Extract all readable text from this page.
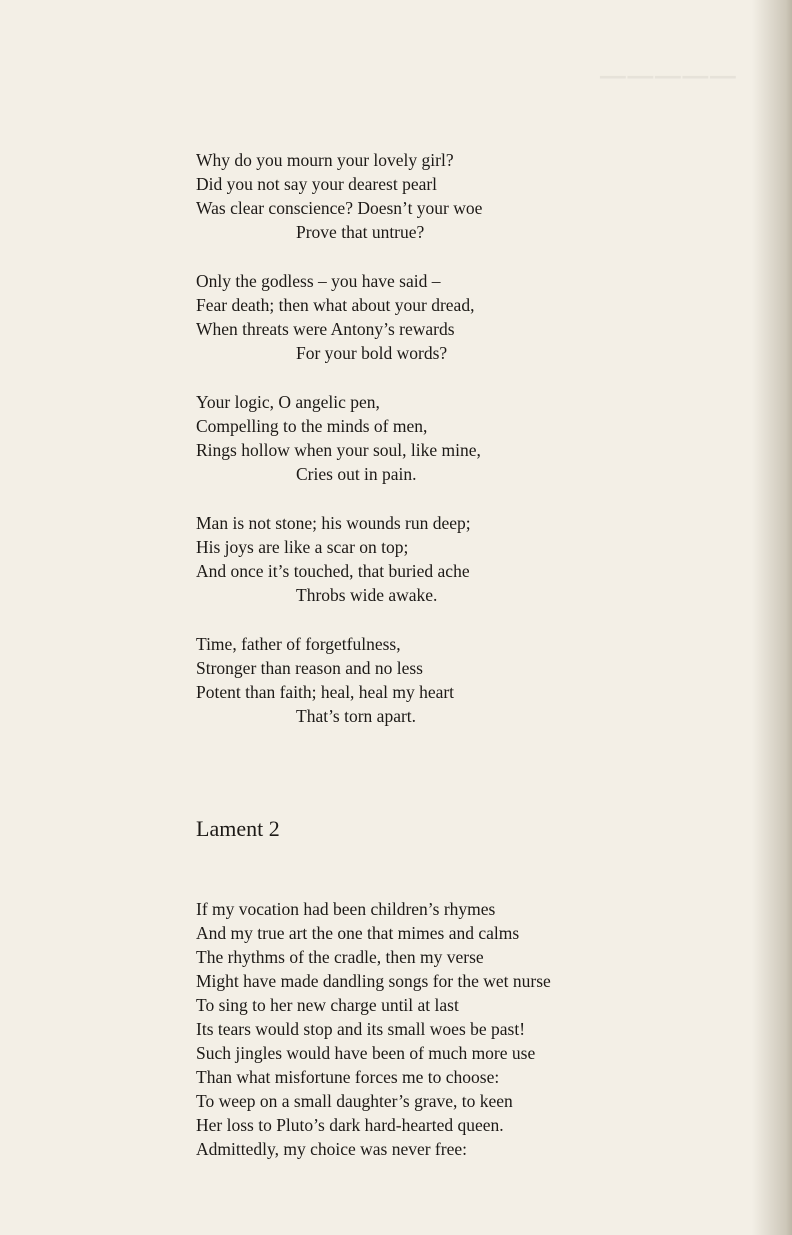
─────

Why do you mourn your lovely girl?

Did you not say your dearest pearl

Was clear conscience? Doesn’t your woe

Prove that untrue?

Only the godless – you have said –

Fear death; then what about your dread,

When threats were Antony’s rewards

For your bold words?

Your logic, O angelic pen,

Compelling to the minds of men,

Rings hollow when your soul, like mine,

Cries out in pain.

Man is not stone; his wounds run deep;

His joys are like a scar on top;

And once it’s touched, that buried ache

Throbs wide awake.

Time, father of forgetfulness,

Stronger than reason and no less

Potent than faith; heal, heal my heart

That’s torn apart.

Lament 2

If my vocation had been children’s rhymes

And my true art the one that mimes and calms

The rhythms of the cradle, then my verse

Might have made dandling songs for the wet nurse

To sing to her new charge until at last

Its tears would stop and its small woes be past!

Such jingles would have been of much more use

Than what misfortune forces me to choose:

To weep on a small daughter’s grave, to keen

Her loss to Pluto’s dark hard-hearted queen.

Admittedly, my choice was never free:
